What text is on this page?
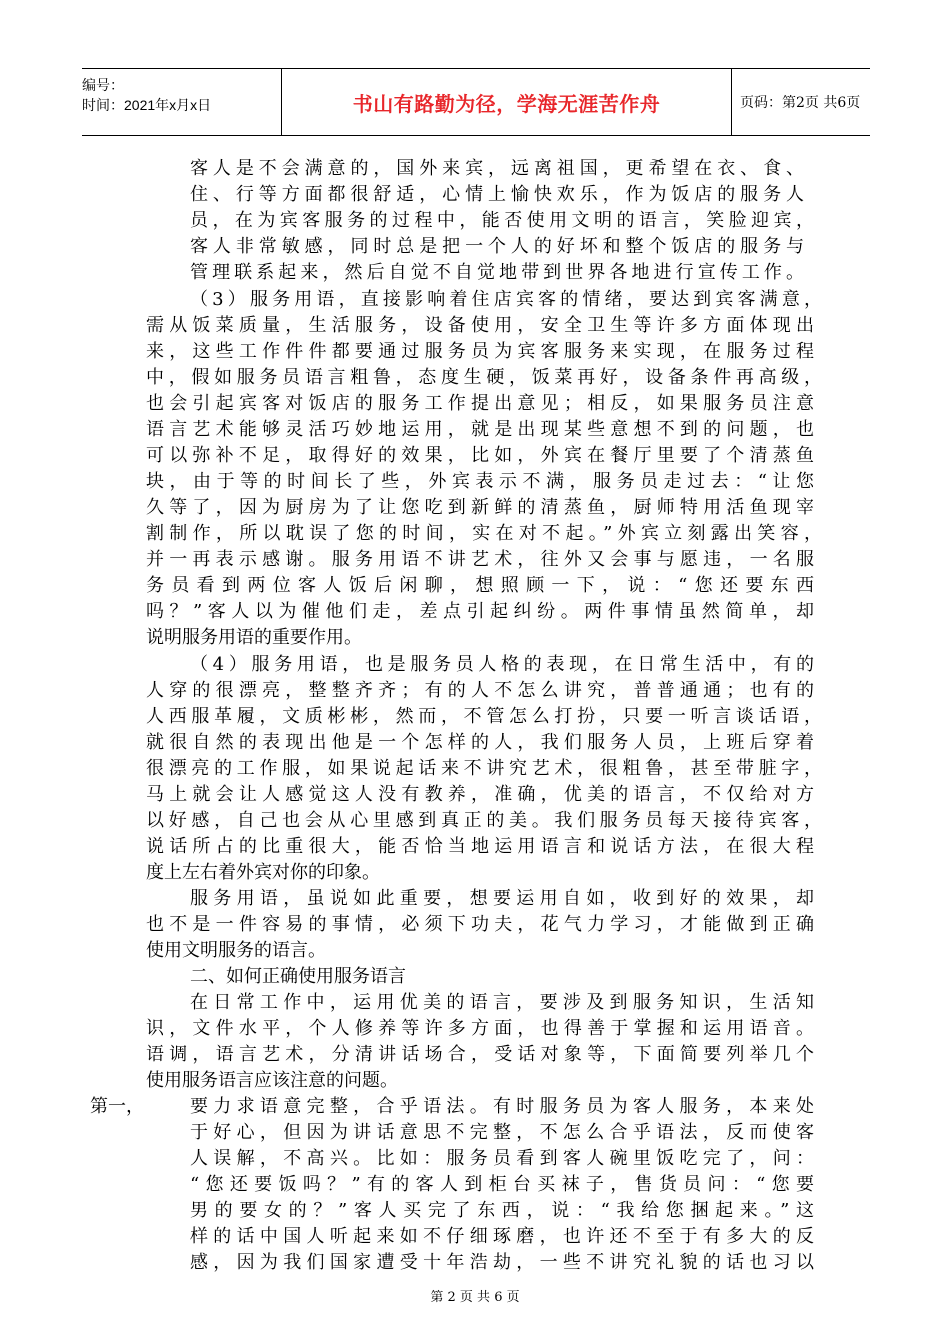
编号：
时间：2021年x月x日	书山有路勤为径，学海无涯苦作舟	页码：第2页 共6页
客人是不会满意的，国外来宾，远离祖国，更希望在衣、食、
住、行等方面都很舒适，心情上愉快欢乐，作为饭店的服务人
员，在为宾客服务的过程中，能否使用文明的语言，笑脸迎宾，
客人非常敏感，同时总是把一个人的好坏和整个饭店的服务与
管理联系起来，然后自觉不自觉地带到世界各地进行宣传工作。
（3）服务用语，直接影响着住店宾客的情绪，要达到宾客满意，
需从饭菜质量，生活服务，设备使用，安全卫生等许多方面体现出
来，这些工作件件都要通过服务员为宾客服务来实现，在服务过程
中，假如服务员语言粗鲁，态度生硬，饭菜再好，设备条件再高级，
也会引起宾客对饭店的服务工作提出意见；相反，如果服务员注意
语言艺术能够灵活巧妙地运用，就是出现某些意想不到的问题，也
可以弥补不足，取得好的效果，比如，外宾在餐厅里要了个清蒸鱼
块，由于等的时间长了些，外宾表示不满，服务员走过去：“让您
久等了，因为厨房为了让您吃到新鲜的清蒸鱼，厨师特用活鱼现宰
割制作，所以耽误了您的时间，实在对不起。”外宾立刻露出笑容，
并一再表示感谢。服务用语不讲艺术，往外又会事与愿违，一名服
务员看到两位客人饭后闲聊，想照顾一下，说：“您还要东西
吗？”客人以为催他们走，差点引起纠纷。两件事情虽然简单，却
说明服务用语的重要作用。
（4）服务用语，也是服务员人格的表现，在日常生活中，有的
人穿的很漂亮，整整齐齐；有的人不怎么讲究，普普通通；也有的
人西服革履，文质彬彬，然而，不管怎么打扮，只要一听言谈话语，
就很自然的表现出他是一个怎样的人，我们服务人员，上班后穿着
很漂亮的工作服，如果说起话来不讲究艺术，很粗鲁，甚至带脏字，
马上就会让人感觉这人没有教养，准确，优美的语言，不仅给对方
以好感，自己也会从心里感到真正的美。我们服务员每天接待宾客，
说话所占的比重很大，能否恰当地运用语言和说话方法，在很大程
度上左右着外宾对你的印象。
服务用语，虽说如此重要，想要运用自如，收到好的效果，却
也不是一件容易的事情，必须下功夫，花气力学习，才能做到正确
使用文明服务的语言。
二、如何正确使用服务语言
在日常工作中，运用优美的语言，要涉及到服务知识，生活知
识，文件水平，个人修养等许多方面，也得善于掌握和运用语音。
语调，语言艺术，分清讲话场合，受话对象等，下面简要列举几个
使用服务语言应该注意的问题。
第一，	要力求语意完整，合乎语法。有时服务员为客人服务，本来处
于好心，但因为讲话意思不完整，不怎么合乎语法，反而使客
人误解，不高兴。比如：服务员看到客人碗里饭吃完了，问：
“您还要饭吗？”有的客人到柜台买袜子，售货员问：“您要
男的要女的？”客人买完了东西，说：“我给您捆起来。”这
样的话中国人听起来如不仔细琢磨，也许还不至于有多大的反
感，因为我们国家遭受十年浩劫，一些不讲究礼貌的话也习以
第 2 页 共 6 页
